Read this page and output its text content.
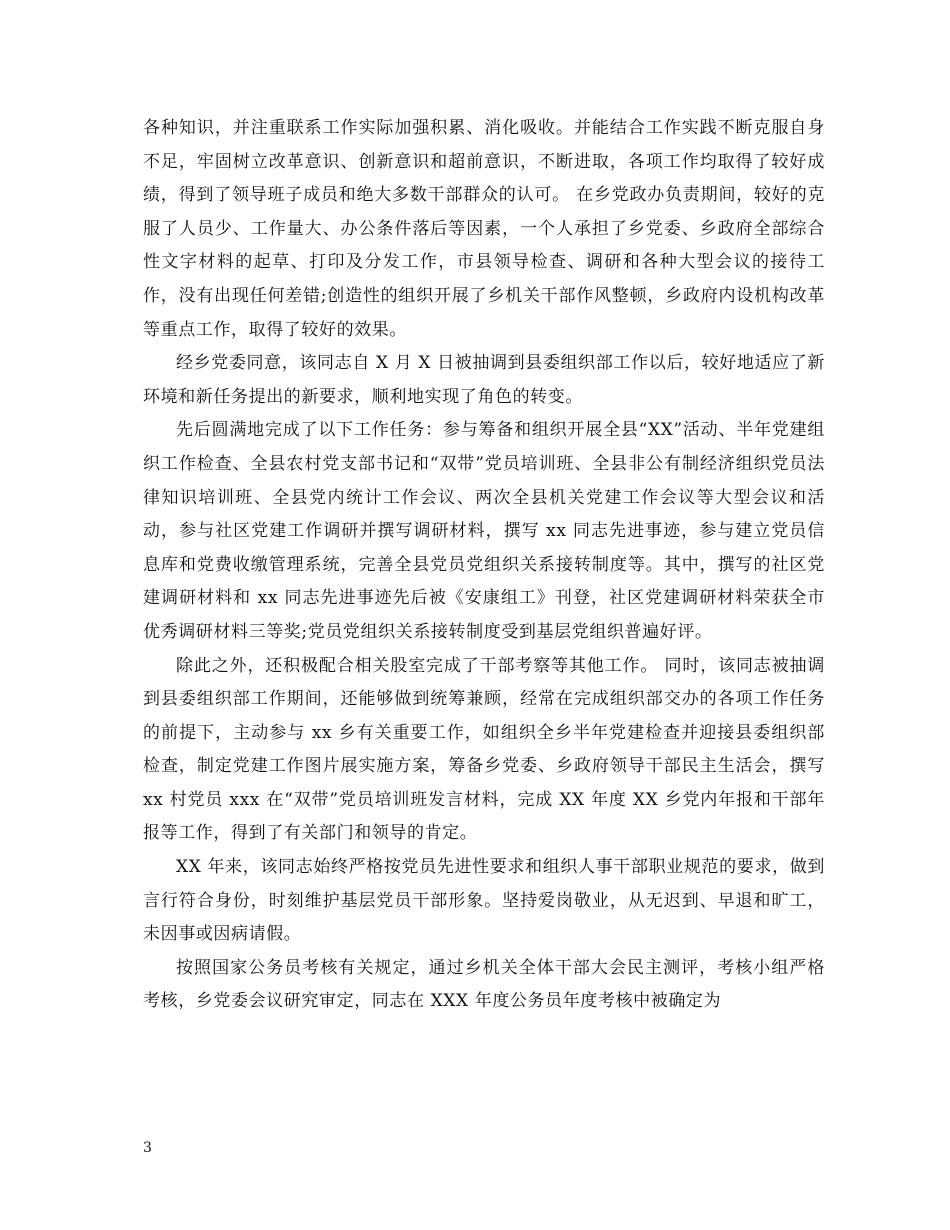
各种知识，并注重联系工作实际加强积累、消化吸收。并能结合工作实践不断克服自身不足，牢固树立改革意识、创新意识和超前意识，不断进取，各项工作均取得了较好成绩，得到了领导班子成员和绝大多数干部群众的认可。 在乡党政办负责期间，较好的克服了人员少、工作量大、办公条件落后等因素，一个人承担了乡党委、乡政府全部综合性文字材料的起草、打印及分发工作，市县领导检查、调研和各种大型会议的接待工作，没有出现任何差错;创造性的组织开展了乡机关干部作风整顿，乡政府内设机构改革等重点工作，取得了较好的效果。

经乡党委同意，该同志自 X 月 X 日被抽调到县委组织部工作以后，较好地适应了新环境和新任务提出的新要求，顺利地实现了角色的转变。

先后圆满地完成了以下工作任务：参与筹备和组织开展全县“XX”活动、半年党建组织工作检查、全县农村党支部书记和“双带”党员培训班、全县非公有制经济组织党员法律知识培训班、全县党内统计工作会议、两次全县机关党建工作会议等大型会议和活动，参与社区党建工作调研并撰写调研材料，撰写 xx 同志先进事迹，参与建立党员信息库和党费收缴管理系统，完善全县党员党组织关系接转制度等。其中，撰写的社区党建调研材料和 xx 同志先进事迹先后被《安康组工》刊登，社区党建调研材料荣获全市优秀调研材料三等奖;党员党组织关系接转制度受到基层党组织普遍好评。

除此之外，还积极配合相关股室完成了干部考察等其他工作。 同时，该同志被抽调到县委组织部工作期间，还能够做到统筹兼顾，经常在完成组织部交办的各项工作任务的前提下，主动参与 xx 乡有关重要工作，如组织全乡半年党建检查并迎接县委组织部检查，制定党建工作图片展实施方案，筹备乡党委、乡政府领导干部民主生活会，撰写 xx 村党员 xxx 在“双带”党员培训班发言材料，完成 XX 年度 XX 乡党内年报和干部年报等工作，得到了有关部门和领导的肯定。

XX 年来，该同志始终严格按党员先进性要求和组织人事干部职业规范的要求，做到言行符合身份，时刻维护基层党员干部形象。坚持爱岗敬业，从无迟到、早退和旷工，未因事或因病请假。

按照国家公务员考核有关规定，通过乡机关全体干部大会民主测评，考核小组严格考核，乡党委会议研究审定，同志在 XXX 年度公务员年度考核中被确定为

3
